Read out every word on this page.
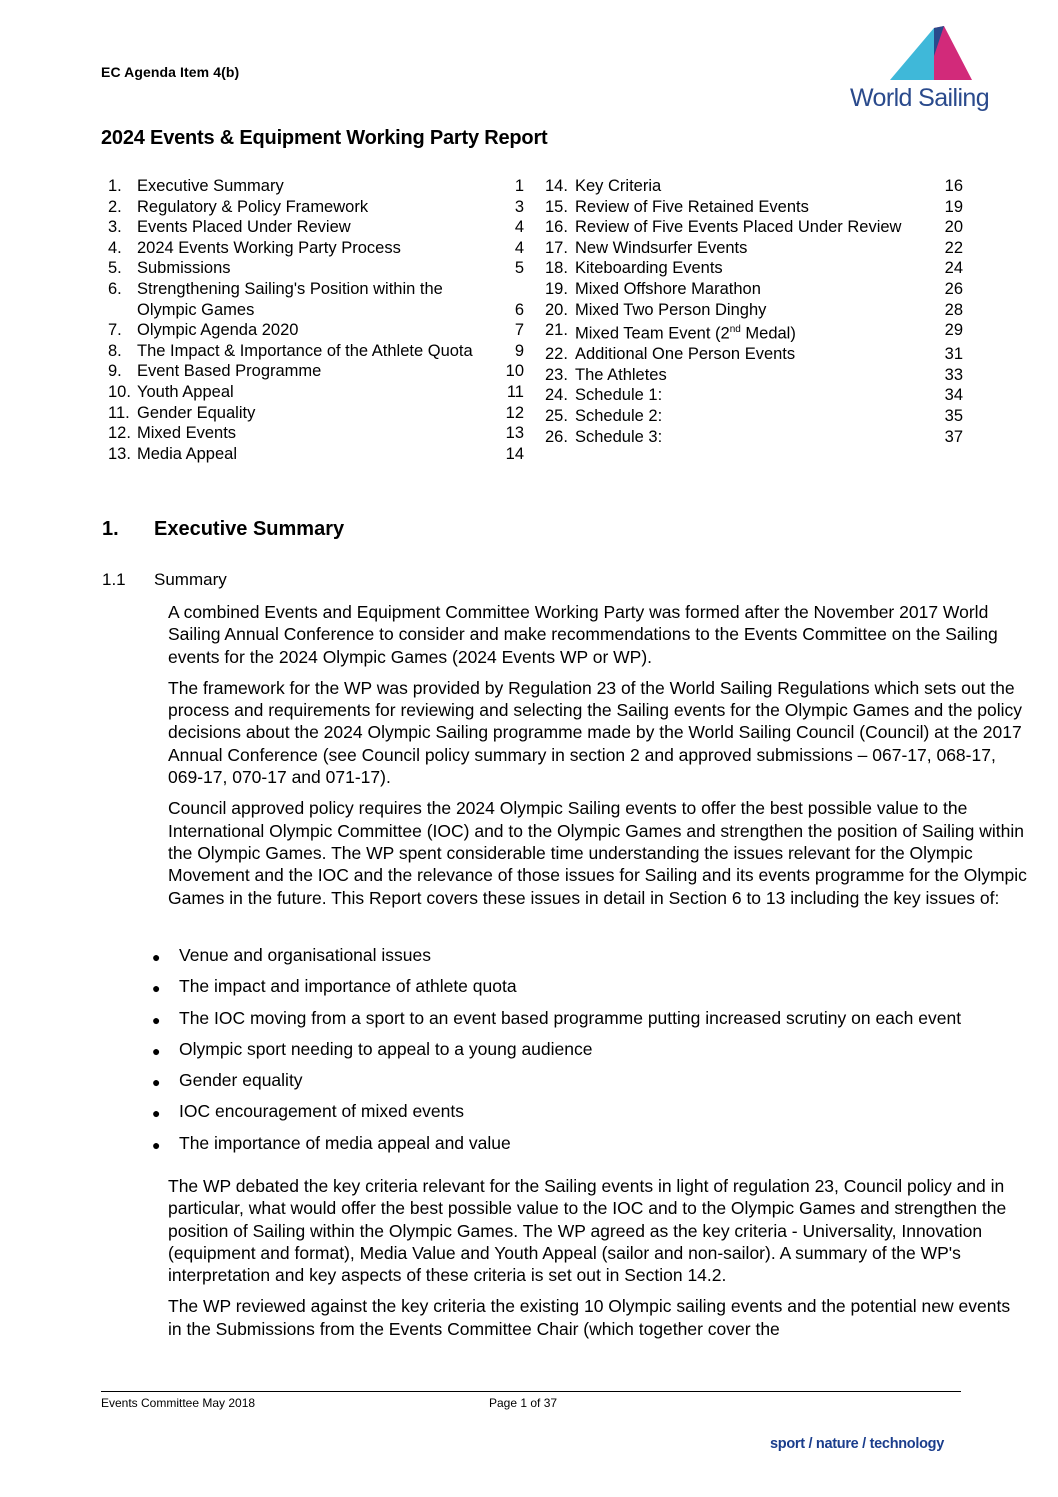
EC Agenda Item 4(b)
World Sailing
2024 Events & Equipment Working Party Report
1. Executive Summary	1
2. Regulatory & Policy Framework	3
3. Events Placed Under Review	4
4. 2024 Events Working Party Process	4
5. Submissions	5
6. Strengthening Sailing's Position within the
Olympic Games	6
7. Olympic Agenda 2020	7
8. The Impact & Importance of the Athlete Quota	9
9. Event Based Programme	10
10. Youth Appeal	11
11. Gender Equality	12
12. Mixed Events	13
13. Media Appeal	14
14. Key Criteria	16
15. Review of Five Retained Events	19
16. Review of Five Events Placed Under Review	20
17. New Windsurfer Events	22
18. Kiteboarding Events	24
19. Mixed Offshore Marathon	26
20. Mixed Two Person Dinghy	28
21. Mixed Team Event (2nd Medal)	29
22. Additional One Person Events	31
23. The Athletes	33
24. Schedule 1:	34
25. Schedule 2:	35
26. Schedule 3:	37
1. Executive Summary
1.1 Summary

A combined Events and Equipment Committee Working Party was formed after the November 2017 World Sailing Annual Conference to consider and make recommendations to the Events Committee on the Sailing events for the 2024 Olympic Games (2024 Events WP or WP).

The framework for the WP was provided by Regulation 23 of the World Sailing Regulations which sets out the process and requirements for reviewing and selecting the Sailing events for the Olympic Games and the policy decisions about the 2024 Olympic Sailing programme made by the World Sailing Council (Council) at the 2017 Annual Conference (see Council policy summary in section 2 and approved submissions – 067-17, 068-17, 069-17, 070-17 and 071-17).

Council approved policy requires the 2024 Olympic Sailing events to offer the best possible value to the International Olympic Committee (IOC) and to the Olympic Games and strengthen the position of Sailing within the Olympic Games. The WP spent considerable time understanding the issues relevant for the Olympic Movement and the IOC and the relevance of those issues for Sailing and its events programme for the Olympic Games in the future. This Report covers these issues in detail in Section 6 to 13 including the key issues of:

●	Venue and organisational issues
●	The impact and importance of athlete quota
●	The IOC moving from a sport to an event based programme putting increased scrutiny on each event
●	Olympic sport needing to appeal to a young audience
●	Gender equality
●	IOC encouragement of mixed events
●	The importance of media appeal and value

The WP debated the key criteria relevant for the Sailing events in light of regulation 23, Council policy and in particular, what would offer the best possible value to the IOC and to the Olympic Games and strengthen the position of Sailing within the Olympic Games. The WP agreed as the key criteria - Universality, Innovation (equipment and format), Media Value and Youth Appeal (sailor and non-sailor). A summary of the WP's interpretation and key aspects of these criteria is set out in Section 14.2.

The WP reviewed against the key criteria the existing 10 Olympic sailing events and the potential new events in the Submissions from the Events Committee Chair (which together cover the

Events Committee May 2018	Page 1 of 37
sport / nature / technology
